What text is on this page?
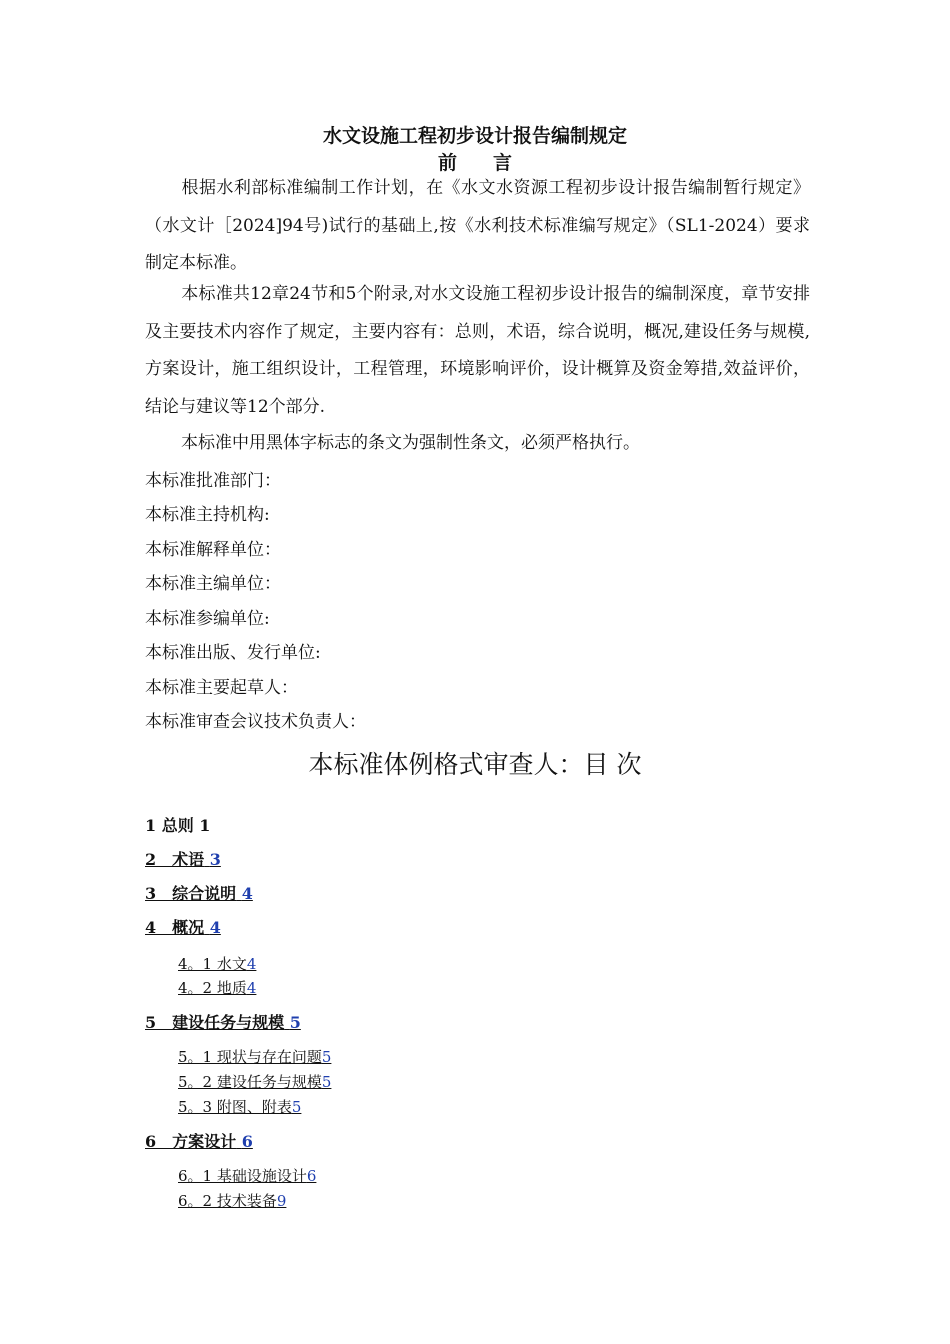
水文设施工程初步设计报告编制规定
前 言
根据水利部标准编制工作计划，在《水文水资源工程初步设计报告编制暂行规定》（水文计［2024]94号)试行的基础上,按《水利技术标准编写规定》（SL1-2024）要求制定本标准。
本标准共12章24节和5个附录,对水文设施工程初步设计报告的编制深度，章节安排及主要技术内容作了规定，主要内容有：总则，术语，综合说明，概况,建设任务与规模,方案设计，施工组织设计，工程管理，环境影响评价，设计概算及资金筹措,效益评价，结论与建议等12个部分.
本标准中用黑体字标志的条文为强制性条文，必须严格执行。
本标准批准部门：
本标准主持机构:
本标准解释单位：
本标准主编单位：
本标准参编单位:
本标准出版、发行单位:
本标准主要起草人：
本标准审查会议技术负责人：
本标准体例格式审查人：目 次
1 总则 1
2　术语 3
3　综合说明 4
4　概况 4
4。1 水文4
4。2 地质4
5　建设任务与规模 5
5。1 现状与存在问题5
5。2 建设任务与规模5
5。3 附图、附表5
6　方案设计 6
6。1 基础设施设计6
6。2 技术装备9
